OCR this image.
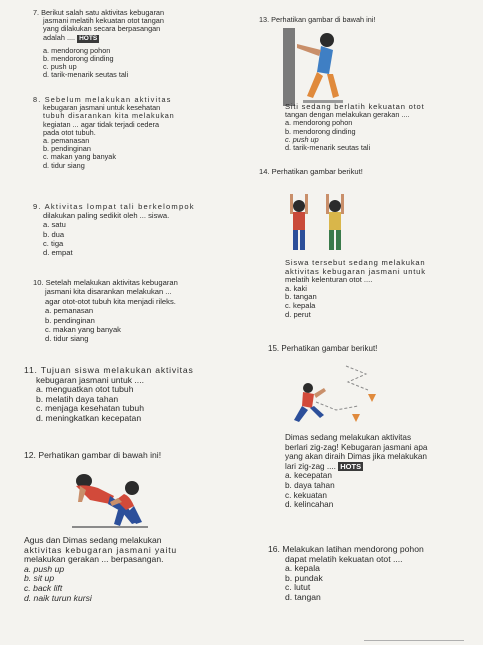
7. Berikut salah satu aktivitas kebugaran
jasmani melatih kekuatan otot tangan
yang dilakukan secara berpasangan
adalah .... HOTS
a. mendorong pohon
b. mendorong dinding
c. push up
d. tarik-menarik seutas tali
8. Sebelum melakukan aktivitas
kebugaran jasmani untuk kesehatan
tubuh disarankan kita melakukan
kegiatan ... agar tidak terjadi cedera
pada otot tubuh.
a. pemanasan
b. pendinginan
c. makan yang banyak
d. tidur siang
9. Aktivitas lompat tali berkelompok
dilakukan paling sedikit oleh ... siswa.
a. satu
b. dua
c. tiga
d. empat
10. Setelah melakukan aktivitas kebugaran
jasmani kita disarankan melakukan ...
agar otot-otot tubuh kita menjadi rileks.
a. pemanasan
b. pendinginan
c. makan yang banyak
d. tidur siang
11. Tujuan siswa melakukan aktivitas
kebugaran jasmani untuk ....
a. menguatkan otot tubuh
b. melatih daya tahan
c. menjaga kesehatan tubuh
d. meningkatkan kecepatan
12. Perhatikan gambar di bawah ini!
Agus dan Dimas sedang melakukan
aktivitas kebugaran jasmani yaitu
melakukan gerakan ... berpasangan.
a. push up
b. sit up
c. back lift
d. naik turun kursi
13. Perhatikan gambar di bawah ini!
Siti sedang berlatih kekuatan otot
tangan dengan melakukan gerakan ....
a. mendorong pohon
b. mendorong dinding
c. push up
d. tarik-menarik seutas tali
14. Perhatikan gambar berikut!
Siswa tersebut sedang melakukan
aktivitas kebugaran jasmani untuk
melatih kelenturan otot ....
a. kaki
b. tangan
c. kepala
d. perut
15. Perhatikan gambar berikut!
Dimas sedang melakukan aktivitas
berlari zig-zag! Kebugaran jasmani apa
yang akan diraih Dimas jika melakukan
lari zig-zag .... HOTS
a. kecepatan
b. daya tahan
c. kekuatan
d. kelincahan
16. Melakukan latihan mendorong pohon
dapat melatih kekuatan otot ....
a. kepala
b. pundak
c. lutut
d. tangan
